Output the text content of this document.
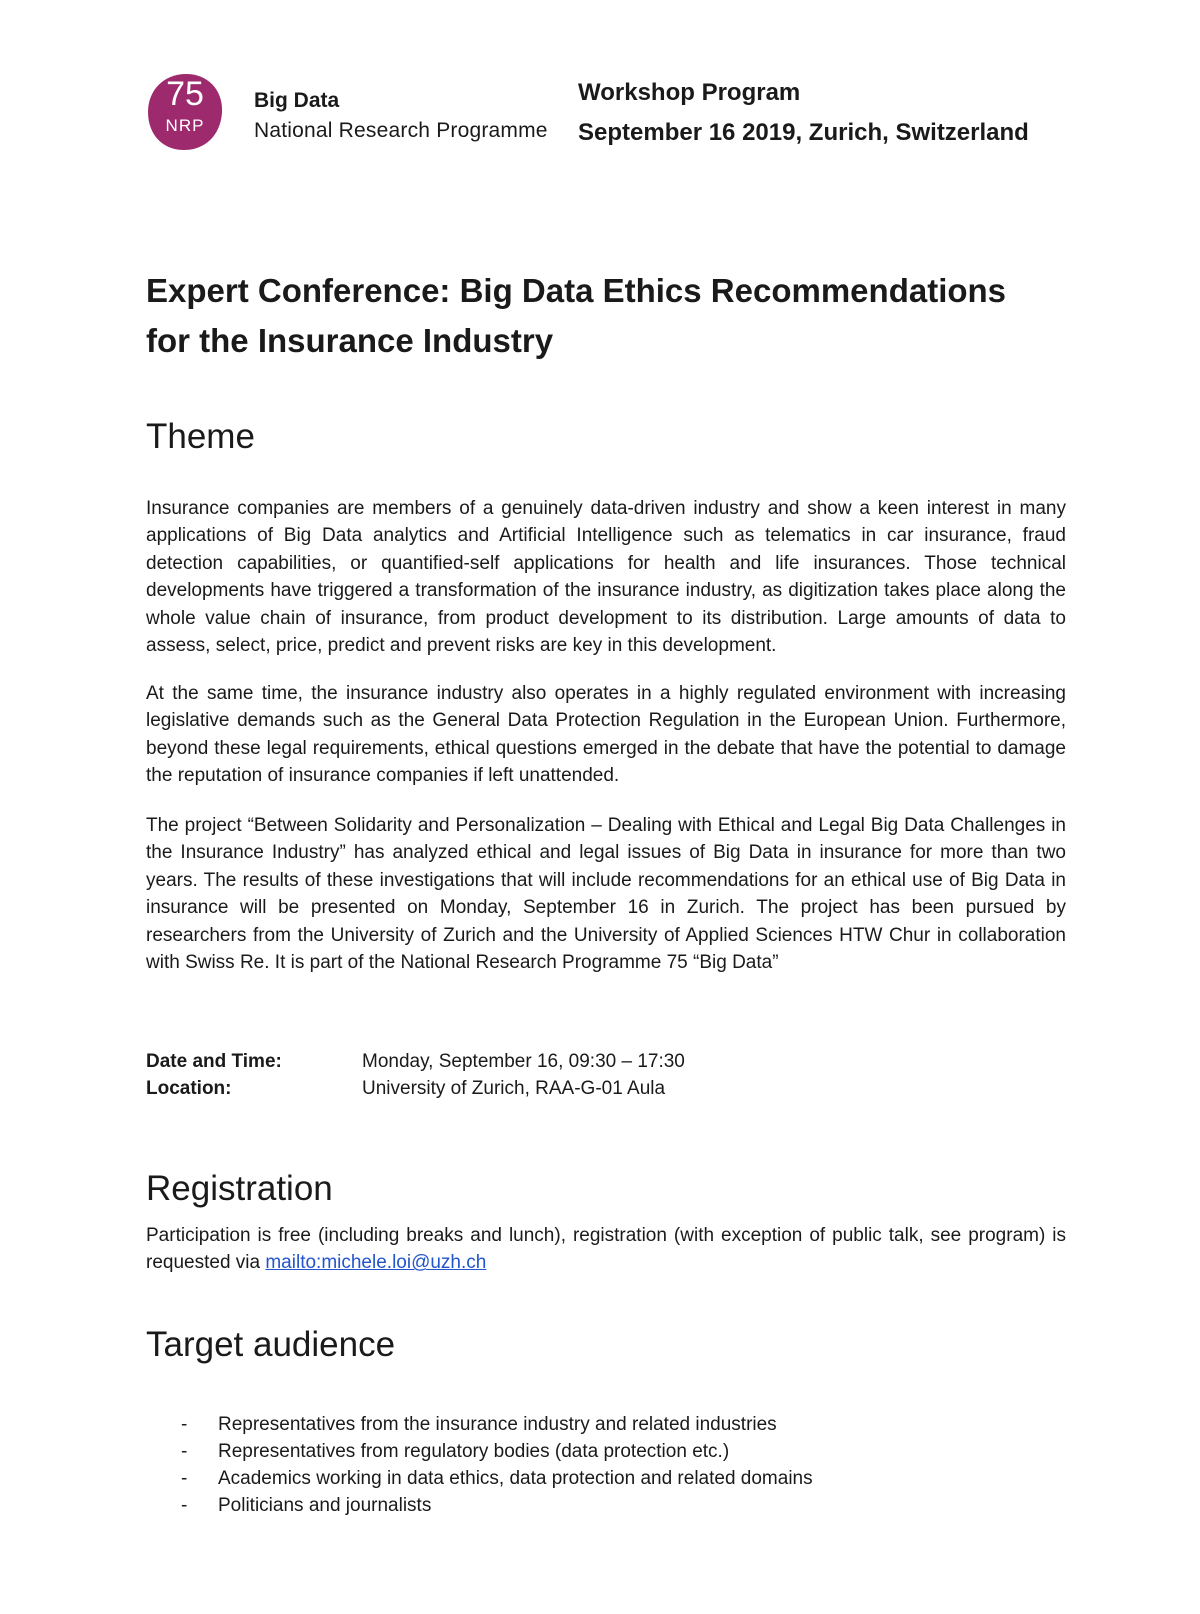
75
NRP
Big Data
National Research Programme
Workshop Program
September 16 2019, Zurich, Switzerland
Expert Conference: Big Data Ethics Recommendations
for the Insurance Industry
Theme

Insurance companies are members of a genuinely data-driven industry and show a keen interest in many applications of Big Data analytics and Artificial Intelligence such as telematics in car insurance, fraud detection capabilities, or quantified-self applications for health and life insurances. Those technical developments have triggered a transformation of the insurance industry, as digitization takes place along the whole value chain of insurance, from product development to its distribution. Large amounts of data to assess, select, price, predict and prevent risks are key in this development.

At the same time, the insurance industry also operates in a highly regulated environment with increasing legislative demands such as the General Data Protection Regulation in the European Union. Furthermore, beyond these legal requirements, ethical questions emerged in the debate that have the potential to damage the reputation of insurance companies if left unattended.

The project “Between Solidarity and Personalization – Dealing with Ethical and Legal Big Data Challenges in the Insurance Industry” has analyzed ethical and legal issues of Big Data in insurance for more than two years. The results of these investigations that will include recommendations for an ethical use of Big Data in insurance will be presented on Monday, September 16 in Zurich. The project has been pursued by researchers from the University of Zurich and the University of Applied Sciences HTW Chur in collaboration with Swiss Re. It is part of the National Research Programme 75 “Big Data”

Date and Time:	Monday, September 16, 09:30 – 17:30
Location:	University of Zurich, RAA-G-01 Aula
Registration

Participation is free (including breaks and lunch), registration (with exception of public talk, see program) is requested via mailto:michele.loi@uzh.ch

Target audience
-	Representatives from the insurance industry and related industries
-	Representatives from regulatory bodies (data protection etc.)
-	Academics working in data ethics, data protection and related domains
-	Politicians and journalists
